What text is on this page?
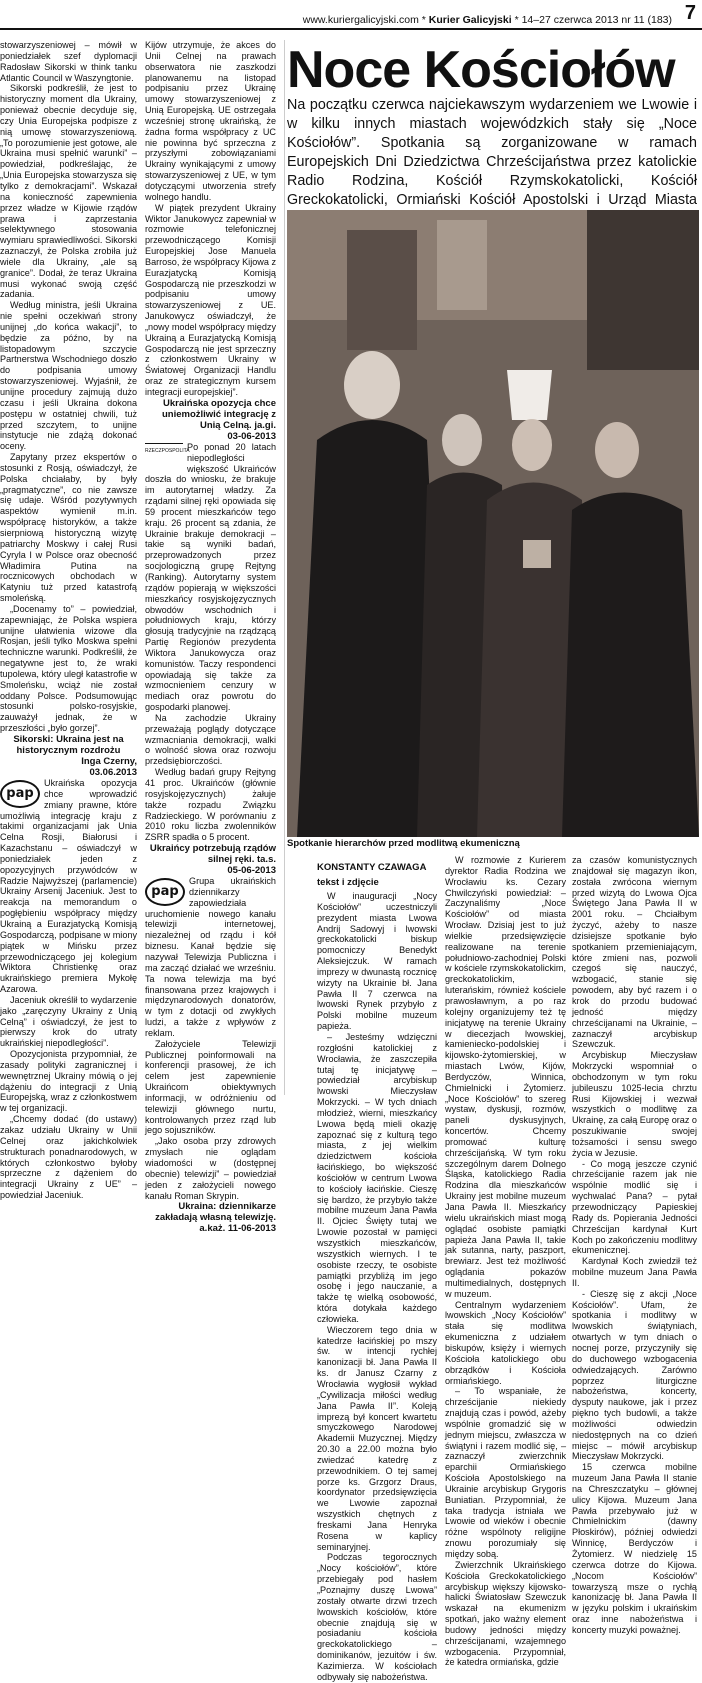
www.kuriergalicyjski.com * Kurier Galicyjski * 14–27 czerwca 2013 nr 11 (183) 7

stowarzyszeniowej – mówił w poniedziałek szef dyplomacji Radosław Sikorski w think tanku Atlantic Council w Waszyngtonie.

Sikorski podkreślił, że jest to historyczny moment dla Ukrainy, ponieważ obecnie decyduje się, czy Unia Europejska podpisze z nią umowę stowarzyszeniową. „To porozumienie jest gotowe, ale Ukraina musi spełnić warunki” – powiedział, podkreślając, że „Unia Europejska stowarzysza się tylko z demokracjami”. Wskazał na konieczność zapewnienia przez władze w Kijowie rządów prawa i zaprzestania selektywnego stosowania wymiaru sprawiedliwości. Sikorski zaznaczył, że Polska zrobiła już wiele dla Ukrainy, „ale są granice”. Dodał, że teraz Ukraina musi wykonać swoją część zadania.

Według ministra, jeśli Ukraina nie spełni oczekiwań strony unijnej „do końca wakacji”, to będzie za późno, by na listopadowym szczycie Partnerstwa Wschodniego doszło do podpisania umowy stowarzyszeniowej. Wyjaśnił, że unijne procedury zajmują dużo czasu i jeśli Ukraina dokona postępu w ostatniej chwili, tuż przed szczytem, to unijne instytucje nie zdążą dokonać oceny.

Zapytany przez ekspertów o stosunki z Rosją, oświadczył, że Polska chciałaby, by były „pragmatyczne”, co nie zawsze się udaje. Wśród pozytywnych aspektów wymienił m.in. współpracę historyków, a także sierpniową historyczną wizytę patriarchy Moskwy i całej Rusi Cyryla I w Polsce oraz obecność Władimira Putina na rocznicowych obchodach w Katyniu tuż przed katastrofą smoleńską.

„Docenamy to” – powiedział, zapewniając, że Polska wspiera unijne ułatwienia wizowe dla Rosjan, jeśli tylko Moskwa spełni techniczne warunki. Podkreślił, że negatywne jest to, że wraki tupolewa, który uległ katastrofie w Smoleńsku, wciąż nie został oddany Polsce. Podsumowując stosunki polsko-rosyjskie, zauważył jednak, że w przeszłości „było gorzej”.

Sikorski: Ukraina jest na historycznym rozdrożu
Inga Czerny,
03.06.2013
pap

Ukraińska opozycja chce wprowadzić zmiany prawne, które umożliwią integrację kraju z takimi organizacjami jak Unia Celna Rosji, Białorusi i Kazachstanu – oświadczył w poniedziałek jeden z opozycyjnych przywódców w Radzie Najwyższej (parlamencie) Ukrainy Arsenij Jaceniuk. Jest to reakcja na memorandum o pogłębieniu współpracy między Ukrainą a Eurazjatycką Komisją Gospodarczą, podpisane w miony piątek w Mińsku przez przewodniczącego jej kolegium Wiktora Christienkę oraz ukraińskiego premiera Mykołę Azarowa.

Jaceniuk określił to wydarzenie jako „zaręczyny Ukrainy z Unią Celną” i oświadczył, że jest to pierwszy krok do utraty ukraińskiej niepodległości”.

Opozycjonista przypomniał, że zasady polityki zagranicznej i wewnętrznej Ukrainy mówią o jej dążeniu do integracji z Unią Europejską, wraz z członkostwem w tej organizacji.

„Chcemy dodać (do ustawy) zakaz udziału Ukrainy w Unii Celnej oraz jakichkolwiek strukturach ponadnarodowych, w których członkostwo byłoby sprzeczne z dążeniem do integracji Ukrainy z UE” – powiedział Jaceniuk.

Kijów utrzymuje, że akces do Unii Celnej na prawach obserwatora nie zaszkodzi planowanemu na listopad podpisaniu przez Ukrainę umowy stowarzyszeniowej z Unią Europejską. UE ostrzegała wcześniej stronę ukraińską, że żadna forma współpracy z UC nie powinna być sprzeczna z przyszłymi zobowiązaniami Ukrainy wynikającymi z umowy stowarzyszeniowej z UE, w tym dotyczącymi utworzenia strefy wolnego handlu.

W piątek prezydent Ukrainy Wiktor Janukowycz zapewniał w rozmowie telefonicznej przewodniczącego Komisji Europejskiej Jose Manuela Barroso, że współpracy Kijowa z Eurazjatycką Komisją Gospodarczą nie przeszkodzi w podpisaniu umowy stowarzyszeniowej z UE. Janukowycz oświadczył, że „nowy model współpracy między Ukrainą a Eurazjatycką Komisją Gospodarczą nie jest sprzeczny z członkostwem Ukrainy w Światowej Organizacji Handlu oraz ze strategicznym kursem integracji europejskiej”.

Ukraińska opozycja chce uniemożliwić integrację z Unią Celną. ja.gi.
03-06-2013
RZECZPOSPOLITA

Po ponad 20 latach niepodległości większość Ukraińców doszła do wniosku, że brakuje im autorytarnej władzy. Za rządami silnej ręki opowiada się 59 procent mieszkańców tego kraju. 26 procent są zdania, że Ukrainie brakuje demokracji – takie są wyniki badań, przeprowadzonych przez socjologiczną grupę Rejtyng (Ranking). Autorytarny system rządów popierają w większości mieszkańcy rosyjskojęzycznych obwodów wschodnich i południowych kraju, którzy głosują tradycyjnie na rządzącą Partię Regionów prezydenta Wiktora Janukowycza oraz komunistów. Taczy respondenci opowiadają się także za wzmocnieniem cenzury w mediach oraz powrotu do gospodarki planowej.

Na zachodzie Ukrainy przeważają poglądy dotyczące wzmacniania demokracji, walki o wolność słowa oraz rozwoju przedsiębiorczości.

Według badań grupy Rejtyng 41 proc. Ukraińców (głównie rosyjskojęzycznych) żałuje także rozpadu Związku Radzieckiego. W porównaniu z 2010 roku liczba zwolenników ZSRR spadła o 5 procent.

Ukraińcy potrzebują rządów silnej ręki. ta.s.
05-06-2013
pap

Grupa ukraińskich dziennikarzy zapowiedziała uruchomienie nowego kanału telewizji internetowej, niezależnej od rządu i kół biznesu. Kanał będzie się nazywał Telewizja Publiczna i ma zacząć działać we wrześniu. Ta nowa telewizja ma być finansowana przez krajowych i międzynarodowych donatorów, w tym z dotacji od zwykłych ludzi, a także z wpływów z reklam.

Założyciele Telewizji Publicznej poinformowali na konferencji prasowej, że ich celem jest zapewnienie Ukraińcom obiektywnych informacji, w odróżnieniu od telewizji głównego nurtu, kontrolowanych przez rząd lub jego sojuszników.

„Jako osoba przy zdrowych zmysłach nie oglądam wiadomości w (dostępnej obecnie) telewizji” – powiedział jeden z założycieli nowego kanału Roman Skrypin.

Ukraina: dziennikarze zakładają własną telewizję.
a.każ. 11-06-2013
Noce Kościołów
Na początku czerwca najciekawszym wydarzeniem we Lwowie i w kilku innych miastach wojewódzkich stały się „Noce Kościołów”. Spotkania są zorganizowane w ramach Europejskich Dni Dziedzictwa Chrześcijaństwa przez katolickie Radio Rodzina, Kościół Rzymskokatolicki, Kościół Greckokatolicki, Ormiański Kościół Apostolski i Urząd Miasta
Spotkanie hierarchów przed modlitwą ekumeniczną
KONSTANTY CZAWAGA
tekst i zdjęcie

W inauguracji „Nocy Kościołów” uczestniczyli prezydent miasta Lwowa Andrij Sadowyj i lwowski greckokatolicki biskup pomocniczy Benedykt Aleksiejczuk. W ramach imprezy w dwunastą rocznicę wizyty na Ukrainie bł. Jana Pawła II 7 czerwca na lwowski Rynek przybyło z Polski mobilne muzeum papieża.

– Jesteśmy wdzięczni rozgłośni katolickiej z Wrocławia, że zaszczepiła tutaj tę inicjatywę – powiedział arcybiskup lwowski Mieczysław Mokrzycki. – W tych dniach młodzież, wierni, mieszkańcy Lwowa będą mieli okazję zapoznać się z kulturą tego miasta, z jej wielkim dziedzictwem kościoła łacińskiego, bo większość kościołów w centrum Lwowa to kościoły łacińskie. Cieszę się bardzo, że przybyło także mobilne muzeum Jana Pawła II. Ojciec Święty tutaj we Lwowie pozostał w pamięci wszystkich mieszkańców, wszystkich wiernych. I te osobiste rzeczy, te osobiste pamiątki przybliżą im jego osobę i jego nauczanie, a także tę wielką osobowość, która dotykała każdego człowieka.

Wieczorem tego dnia w katedrze łacińskiej po mszy św. w intencji rychłej kanonizacji bł. Jana Pawła II ks. dr Janusz Czarny z Wrocławia wygłosił wykład „Cywilizacja miłości według Jana Pawła II”. Koleją imprezą był koncert kwartetu smyczkowego Narodowej Akademii Muzycznej. Między 20.30 a 22.00 można było zwiedzać katedrę z przewodnikiem. O tej samej porze ks. Grzgorz Draus, koordynator przedsięwzięcia we Lwowie zapoznał wszystkich chętnych z freskami Jana Henryka Rosena w kaplicy seminaryjnej.

Podczas tegorocznych „Nocy kościołów”, które przebiegały pod hasłem „Poznajmy duszę Lwowa” zostały otwarte drzwi trzech lwowskich kościołów, które obecnie znajdują się w posiadaniu kościoła greckokatolickiego – dominikanów, jezuitów i św. Kazimierza. W kościołach odbywały się nabożeństwa.

W rozmowie z Kurierem dyrektor Radia Rodzina we Wrocławiu ks. Cezary Chwilczyński powiedział: – Zaczynaliśmy „Noce Kościołów” od miasta Wrocław. Dzisiaj jest to już wielkie przedsięwzięcie realizowane na terenie południowo-zachodniej Polski w kościele rzymskokatolickim, greckokatolickim, luterańskim, również kościele prawosławnym, a po raz kolejny organizujemy też tę inicjatywę na terenie Ukrainy w diecezjach lwowskiej, kamieniecko-podolskiej i kijowsko-żytomierskiej, w miastach Lwów, Kijów, Berdyczów, Winnica, Chmielnicki i Żytomierz. „Noce Kościołów” to szereg wystaw, dyskusji, rozmów, paneli dyskusyjnych, koncertów. Chcemy promować kulturę chrześcijańską. W tym roku szczególnym darem Dolnego Śląska, katolickiego Radia Rodzina dla mieszkańców Ukrainy jest mobilne muzeum Jana Pawła II. Mieszkańcy wielu ukraińskich miast mogą oglądać osobiste pamiątki papieża Jana Pawła II, takie jak sutanna, narty, paszport, brewiarz. Jest też możliwość oglądania pokazów multimedialnych, dostępnych w muzeum.

Centralnym wydarzeniem lwowskich „Nocy Kościołów” stała się modlitwa ekumeniczna z udziałem biskupów, księży i wiernych Kościoła katolickiego obu obrządków i Kościoła ormiańskiego.

– To wspaniałe, że chrześcijanie niekiedy znajdują czas i powód, ażeby wspólnie gromadzić się w jednym miejscu, zwłaszcza w świątyni i razem modlić się, – zaznaczył zwierzchnik eparchii Ormiańskiego Kościoła Apostolskiego na Ukrainie arcybiskup Grygoris Buniatian. Przypomniał, że taka tradycja istniała we Lwowie od wieków i obecnie różne wspólnoty religijne znowu porozumiały się między sobą.

Zwierzchnik Ukraińskiego Kościoła Greckokatolickiego arcybiskup większy kijowsko-halicki Światosław Szewczuk wskazał na ekumenizm spotkań, jako ważny element budowy jedności między chrześcijanami, wzajemnego wzbogacenia. Przypomniał, że katedra ormiańska, gdzie

za czasów komunistycznych znajdował się magazyn ikon, została zwrócona wiernym przed wizytą do Lwowa Ojca Świętego Jana Pawła II w 2001 roku. – Chciałbym życzyć, ażeby to nasze dzisiejsze spotkanie było spotkaniem przemieniającym, które zmieni nas, pozwoli czegoś się nauczyć, wzbogacić, stanie się powodem, aby być razem i o krok do przodu budować jedność między chrześcijanami na Ukrainie, – zaznaczył arcybiskup Szewczuk.

Arcybiskup Mieczysław Mokrzycki wspomniał o obchodzonym w tym roku jubileuszu 1025-lecia chrztu Rusi Kijowskiej i wezwał wszystkich o modlitwę za Ukrainę, za całą Europę oraz o poszukiwanie swojej tożsamości i sensu swego życia w Jezusie.

- Co mogą jeszcze czynić chrześcijanie razem jak nie wspólnie modlić się i wychwalać Pana? – pytał przewodniczący Papieskiej Rady ds. Popierania Jedności Chrześcijan kardynał Kurt Koch po zakończeniu modlitwy ekumenicznej.

Kardynał Koch zwiedził też mobilne muzeum Jana Pawła II.

- Cieszę się z akcji „Noce Kościołów”. Ufam, że spotkania i modlitwy w lwowskich świątyniach, otwartych w tym dniach o nocnej porze, przyczyniły się do duchowego wzbogacenia odwiedzających. Zarówno poprzez liturgiczne nabożeństwa, koncerty, dysputy naukowe, jak i przez piękno tych budowli, a także możliwości odwiedzin niedostępnych na co dzień miejsc – mówił arcybiskup Mieczysław Mokrzycki.

15 czerwca mobilne muzeum Jana Pawła II stanie na Chreszczatyku – głównej ulicy Kijowa. Muzeum Jana Pawła przebywało już w Chmielnickim (dawny Płoskirów), później odwiedzi Winnicę, Berdyczów i Żytomierz. W niedzielę 15 czerwca dotrze do Kijowa. „Nocom Kościołów” towarzyszą msze o rychłą kanonizację bł. Jana Pawła II w języku polskim i ukraińskim oraz inne nabożeństwa i koncerty muzyki poważnej.
